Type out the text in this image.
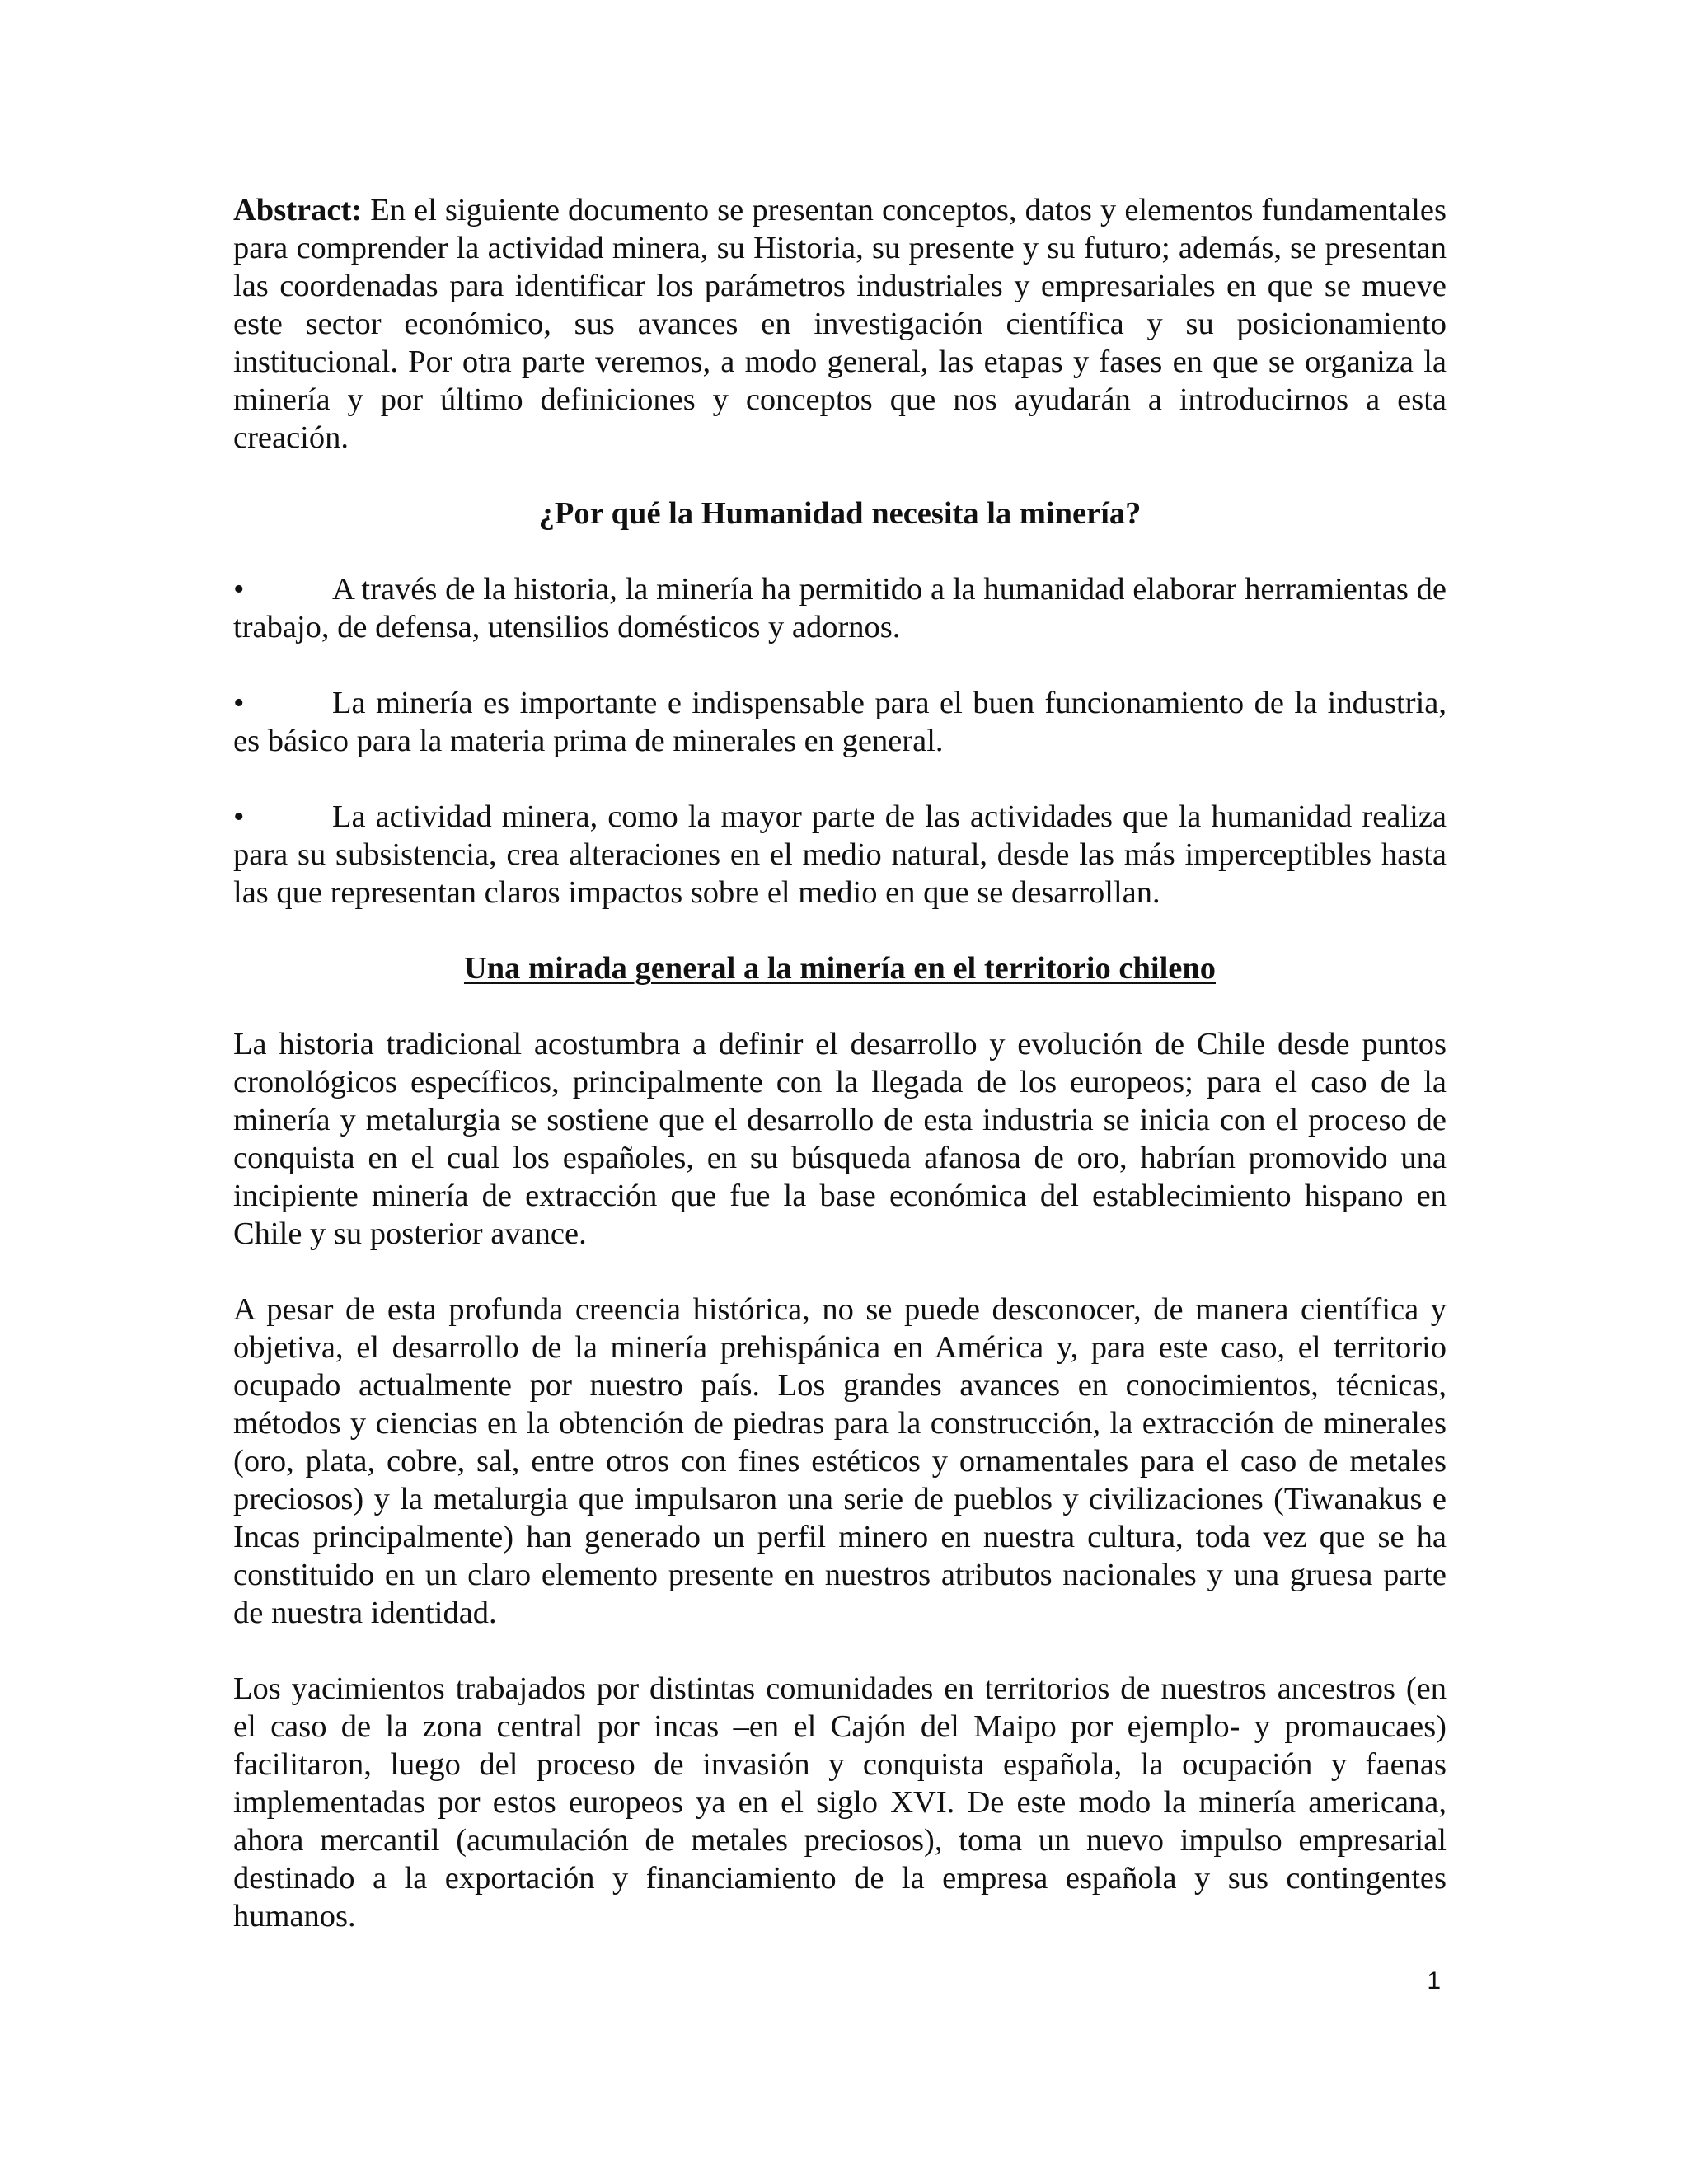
Abstract: En el siguiente documento se presentan conceptos, datos y elementos fundamentales para comprender la actividad minera, su Historia, su presente y su futuro; además, se presentan las coordenadas para identificar los parámetros industriales y empresariales en que se mueve este sector económico, sus avances en investigación científica y su posicionamiento institucional. Por otra parte veremos, a modo general, las etapas y fases en que se organiza la minería y por último definiciones y conceptos que nos ayudarán a introducirnos a esta creación.

¿Por qué la Humanidad necesita la minería?
•	A través de la historia, la minería ha permitido a la humanidad elaborar herramientas de trabajo, de defensa, utensilios domésticos y adornos.
•	La minería es importante e indispensable para el buen funcionamiento de la industria, es básico para la materia prima de minerales en general.
•	La actividad minera, como la mayor parte de las actividades que la humanidad realiza para su subsistencia, crea alteraciones en el medio natural, desde las más imperceptibles hasta las que representan claros impactos sobre el medio en que se desarrollan.
Una mirada general a la minería en el territorio chileno

La historia tradicional acostumbra a definir el desarrollo y evolución de Chile desde puntos cronológicos específicos, principalmente con la llegada de los europeos; para el caso de la minería y metalurgia se sostiene que el desarrollo de esta industria se inicia con el proceso de conquista en el cual los españoles, en su búsqueda afanosa de oro, habrían promovido una incipiente minería de extracción que fue la base económica del establecimiento hispano en Chile y su posterior avance.

A pesar de esta profunda creencia histórica, no se puede desconocer, de manera científica y objetiva, el desarrollo de la minería prehispánica en América y, para este caso, el territorio ocupado actualmente por nuestro país. Los grandes avances en conocimientos, técnicas, métodos y ciencias en la obtención de piedras para la construcción, la extracción de minerales (oro, plata, cobre, sal, entre otros con fines estéticos y ornamentales para el caso de metales preciosos) y la metalurgia que impulsaron una serie de pueblos y civilizaciones (Tiwanakus e Incas principalmente) han generado un perfil minero en nuestra cultura, toda vez que se ha constituido en un claro elemento presente en nuestros atributos nacionales y una gruesa parte de nuestra identidad.

Los yacimientos trabajados por distintas comunidades en territorios de nuestros ancestros (en el caso de la zona central por incas –en el Cajón del Maipo por ejemplo- y promaucaes) facilitaron, luego del proceso de invasión y conquista española, la ocupación y faenas implementadas por estos europeos ya en el siglo XVI. De este modo la minería americana, ahora mercantil (acumulación de metales preciosos), toma un nuevo impulso empresarial destinado a la exportación y financiamiento de la empresa española y sus contingentes humanos.

1
